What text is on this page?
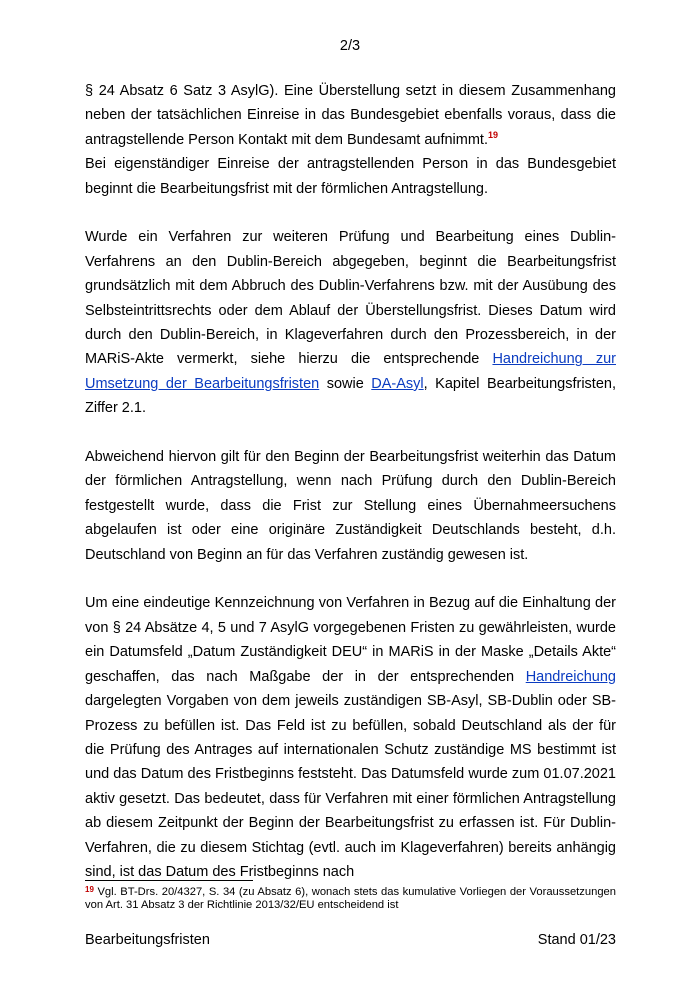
2/3

§ 24 Absatz 6 Satz 3 AsylG). Eine Überstellung setzt in diesem Zusammenhang neben der tatsächlichen Einreise in das Bundesgebiet ebenfalls voraus, dass die antragstellende Person Kontakt mit dem Bundesamt aufnimmt.$^{19}$

Bei eigenständiger Einreise der antragstellenden Person in das Bundesgebiet beginnt die Bearbeitungsfrist mit der förmlichen Antragstellung.

Wurde ein Verfahren zur weiteren Prüfung und Bearbeitung eines Dublin-Verfahrens an den Dublin-Bereich abgegeben, beginnt die Bearbeitungsfrist grundsätzlich mit dem Abbruch des Dublin-Verfahrens bzw. mit der Ausübung des Selbsteintrittsrechts oder dem Ablauf der Überstellungsfrist. Dieses Datum wird durch den Dublin-Bereich, in Klageverfahren durch den Prozessbereich, in der MARiS-Akte vermerkt, siehe hierzu die entsprechende Handreichung zur Umsetzung der Bearbeitungsfristen sowie DA-Asyl, Kapitel Bearbeitungsfristen, Ziffer 2.1.

Abweichend hiervon gilt für den Beginn der Bearbeitungsfrist weiterhin das Datum der förmlichen Antragstellung, wenn nach Prüfung durch den Dublin-Bereich festgestellt wurde, dass die Frist zur Stellung eines Übernahmeersuchens abgelaufen ist oder eine originäre Zuständigkeit Deutschlands besteht, d.h. Deutschland von Beginn an für das Verfahren zuständig gewesen ist.

Um eine eindeutige Kennzeichnung von Verfahren in Bezug auf die Einhaltung der von § 24 Absätze 4, 5 und 7 AsylG vorgegebenen Fristen zu gewährleisten, wurde ein Datumsfeld „Datum Zuständigkeit DEU“ in MARiS in der Maske „Details Akte“ geschaffen, das nach Maßgabe der in der entsprechenden Handreichung dargelegten Vorgaben von dem jeweils zuständigen SB-Asyl, SB-Dublin oder SB-Prozess zu befüllen ist. Das Feld ist zu befüllen, sobald Deutschland als der für die Prüfung des Antrages auf internationalen Schutz zuständige MS bestimmt ist und das Datum des Fristbeginns feststeht. Das Datumsfeld wurde zum 01.07.2021 aktiv gesetzt. Das bedeutet, dass für Verfahren mit einer förmlichen Antragstellung ab diesem Zeitpunkt der Beginn der Bearbeitungsfrist zu erfassen ist. Für Dublin-Verfahren, die zu diesem Stichtag (evtl. auch im Klageverfahren) bereits anhängig sind, ist das Datum des Fristbeginns nach

$^{19}$ Vgl. BT-Drs. 20/4327, S. 34 (zu Absatz 6), wonach stets das kumulative Vorliegen der Voraussetzungen von Art. 31 Absatz 3 der Richtlinie 2013/32/EU entscheidend ist
Bearbeitungsfristen	Stand 01/23
